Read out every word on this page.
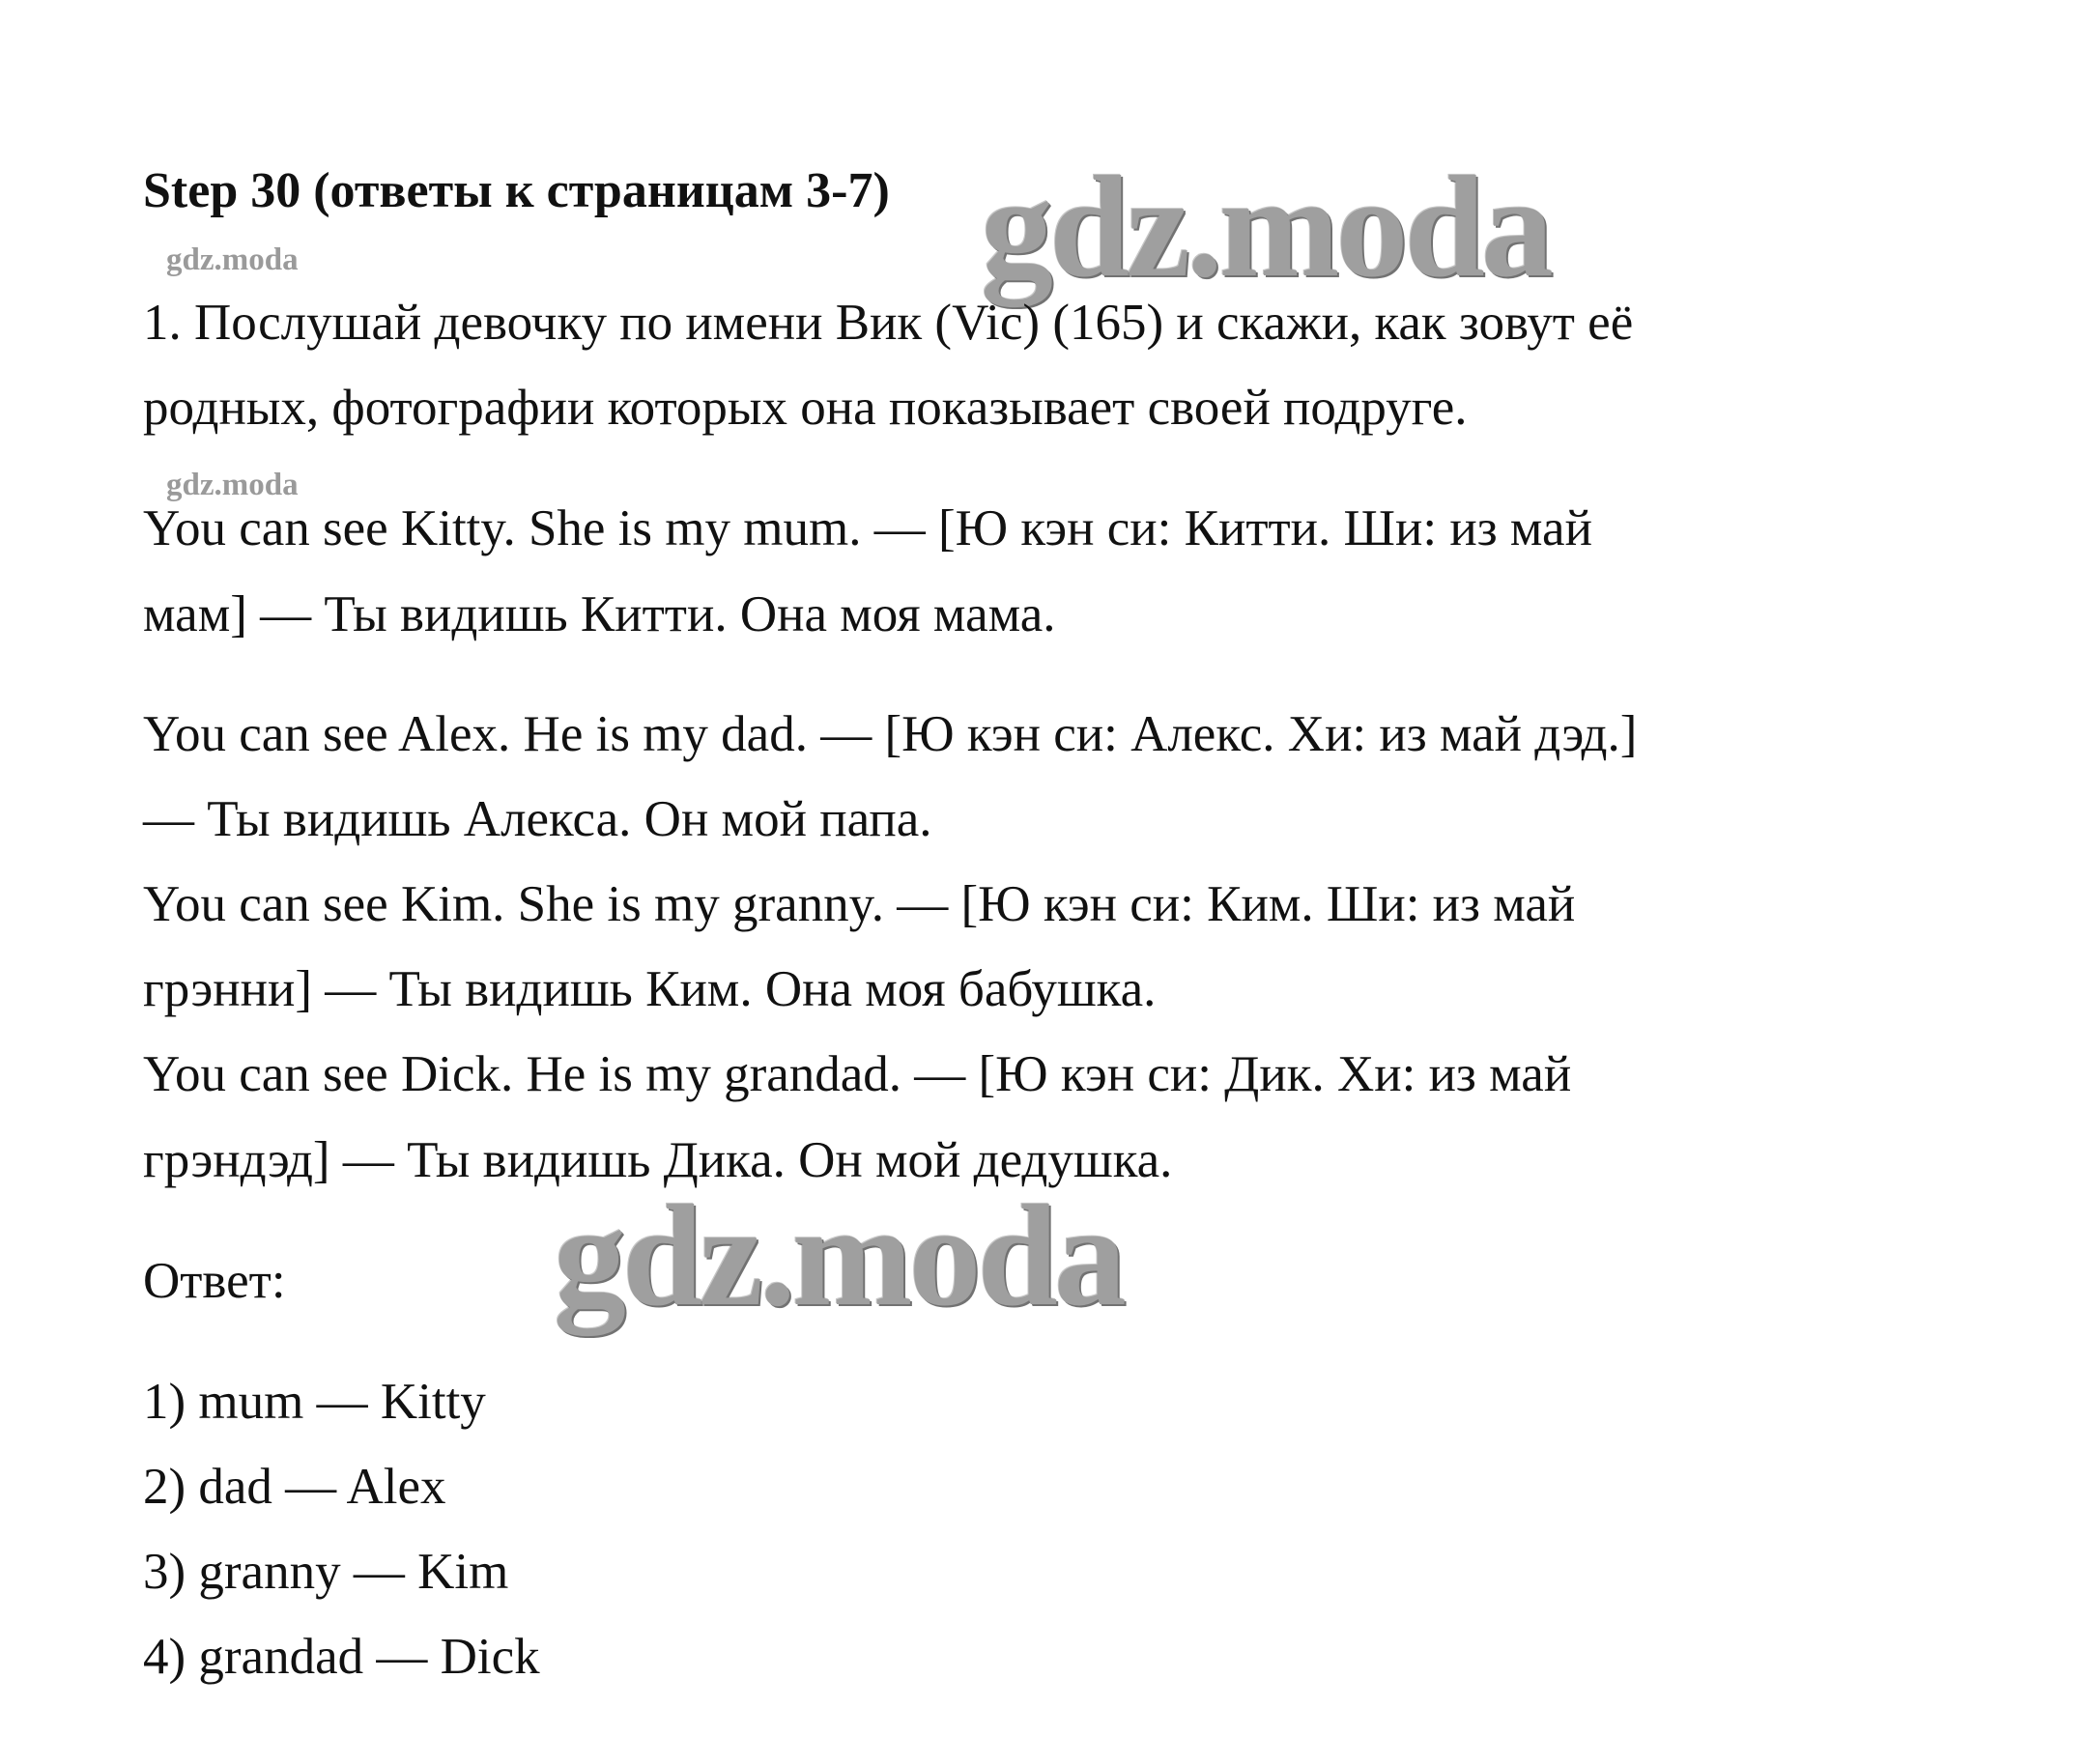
Step 30 (ответы к страницам 3-7) gdz.moda
gdz.moda
gdz.moda
gdz.moda
1. Послушай девочку по имени Вик (Vic) (165) и скажи, как зовут её
родных, фотографии которых она показывает своей подруге.
You can see Kitty. She is my mum. — [Ю кэн си: Китти. Ши: из май
мам] — Ты видишь Китти. Она моя мама.
You can see Alex. He is my dad. — [Ю кэн си: Алекс. Хи: из май дэд.]
— Ты видишь Алекса. Он мой папа.
You can see Kim. She is my granny. — [Ю кэн си: Ким. Ши: из май
грэнни] — Ты видишь Ким. Она моя бабушка.
You can see Dick. He is my grandad. — [Ю кэн си: Дик. Хи: из май
грэндэд] — Ты видишь Дика. Он мой дедушка.
Ответ:
1) mum — Kitty
2) dad — Alex
3) granny — Kim
4) grandad — Dick
